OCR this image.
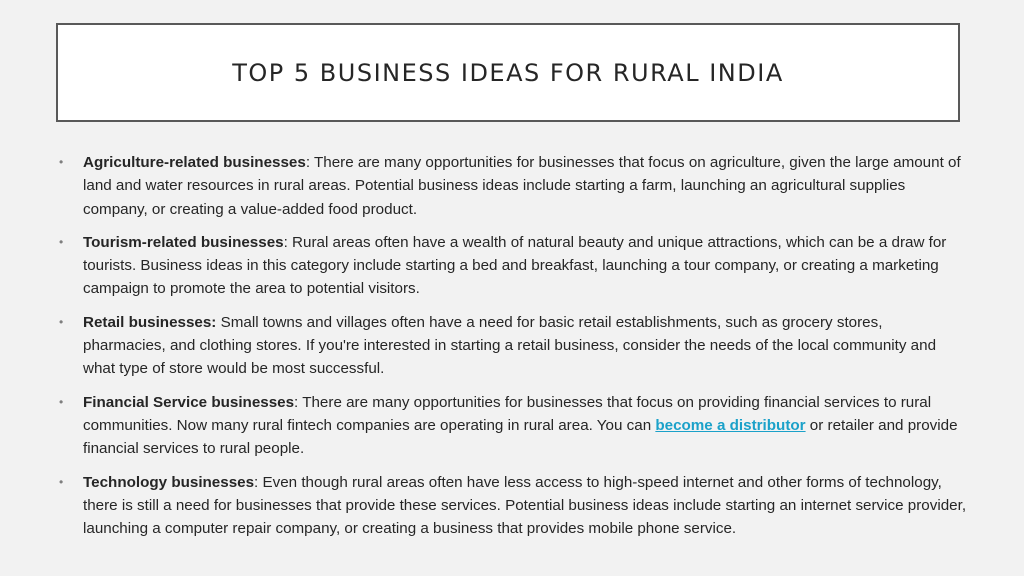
TOP 5 BUSINESS IDEAS FOR RURAL INDIA
• Agriculture-related businesses: There are many opportunities for businesses that focus on agriculture, given the large amount of land and water resources in rural areas. Potential business ideas include starting a farm, launching an agricultural supplies company, or creating a value-added food product.
• Tourism-related businesses: Rural areas often have a wealth of natural beauty and unique attractions, which can be a draw for tourists. Business ideas in this category include starting a bed and breakfast, launching a tour company, or creating a marketing campaign to promote the area to potential visitors.
• Retail businesses: Small towns and villages often have a need for basic retail establishments, such as grocery stores, pharmacies, and clothing stores. If you're interested in starting a retail business, consider the needs of the local community and what type of store would be most successful.
• Financial Service businesses: There are many opportunities for businesses that focus on providing financial services to rural communities. Now many rural fintech companies are operating in rural area. You can become a distributor or retailer and provide financial services to rural people.
• Technology businesses: Even though rural areas often have less access to high-speed internet and other forms of technology, there is still a need for businesses that provide these services. Potential business ideas include starting an internet service provider, launching a computer repair company, or creating a business that provides mobile phone service.
